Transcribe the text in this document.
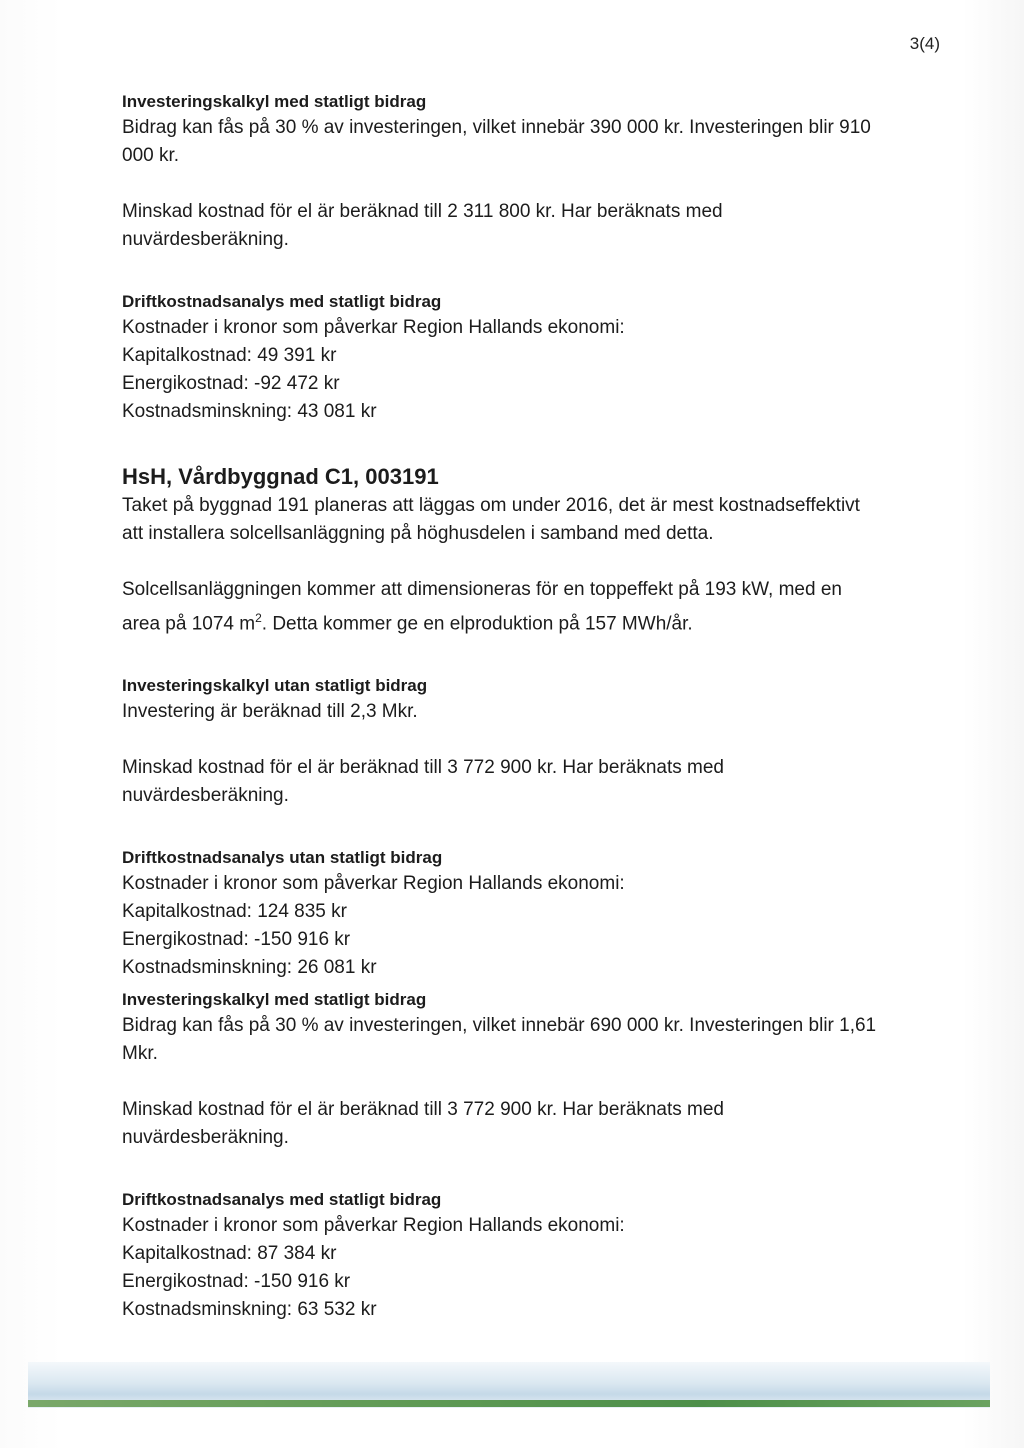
3(4)
Investeringskalkyl med statligt bidrag

Bidrag kan fås på 30 % av investeringen, vilket innebär 390 000 kr. Investeringen blir 910 000 kr.

Minskad kostnad för el är beräknad till 2 311 800 kr. Har beräknats med nuvärdesberäkning.

Driftkostnadsanalys med statligt bidrag

Kostnader i kronor som påverkar Region Hallands ekonomi:

Kapitalkostnad: 49 391 kr

Energikostnad: -92 472 kr

Kostnadsminskning: 43 081 kr

HsH, Vårdbyggnad C1, 003191

Taket på byggnad 191 planeras att läggas om under 2016, det är mest kostnadseffektivt att installera solcellsanläggning på höghusdelen i samband med detta.

Solcellsanläggningen kommer att dimensioneras för en toppeffekt på 193 kW, med en area på 1074 $m^2$. Detta kommer ge en elproduktion på 157 MWh/år.

Investeringskalkyl utan statligt bidrag

Investering är beräknad till 2,3 Mkr.

Minskad kostnad för el är beräknad till 3 772 900 kr. Har beräknats med nuvärdesberäkning.

Driftkostnadsanalys utan statligt bidrag

Kostnader i kronor som påverkar Region Hallands ekonomi:

Kapitalkostnad: 124 835 kr

Energikostnad: -150 916 kr

Kostnadsminskning: 26 081 kr

Investeringskalkyl med statligt bidrag

Bidrag kan fås på 30 % av investeringen, vilket innebär 690 000 kr. Investeringen blir 1,61 Mkr.

Minskad kostnad för el är beräknad till 3 772 900 kr. Har beräknats med nuvärdesberäkning.

Driftkostnadsanalys med statligt bidrag

Kostnader i kronor som påverkar Region Hallands ekonomi:

Kapitalkostnad: 87 384 kr

Energikostnad: -150 916 kr

Kostnadsminskning: 63 532 kr
